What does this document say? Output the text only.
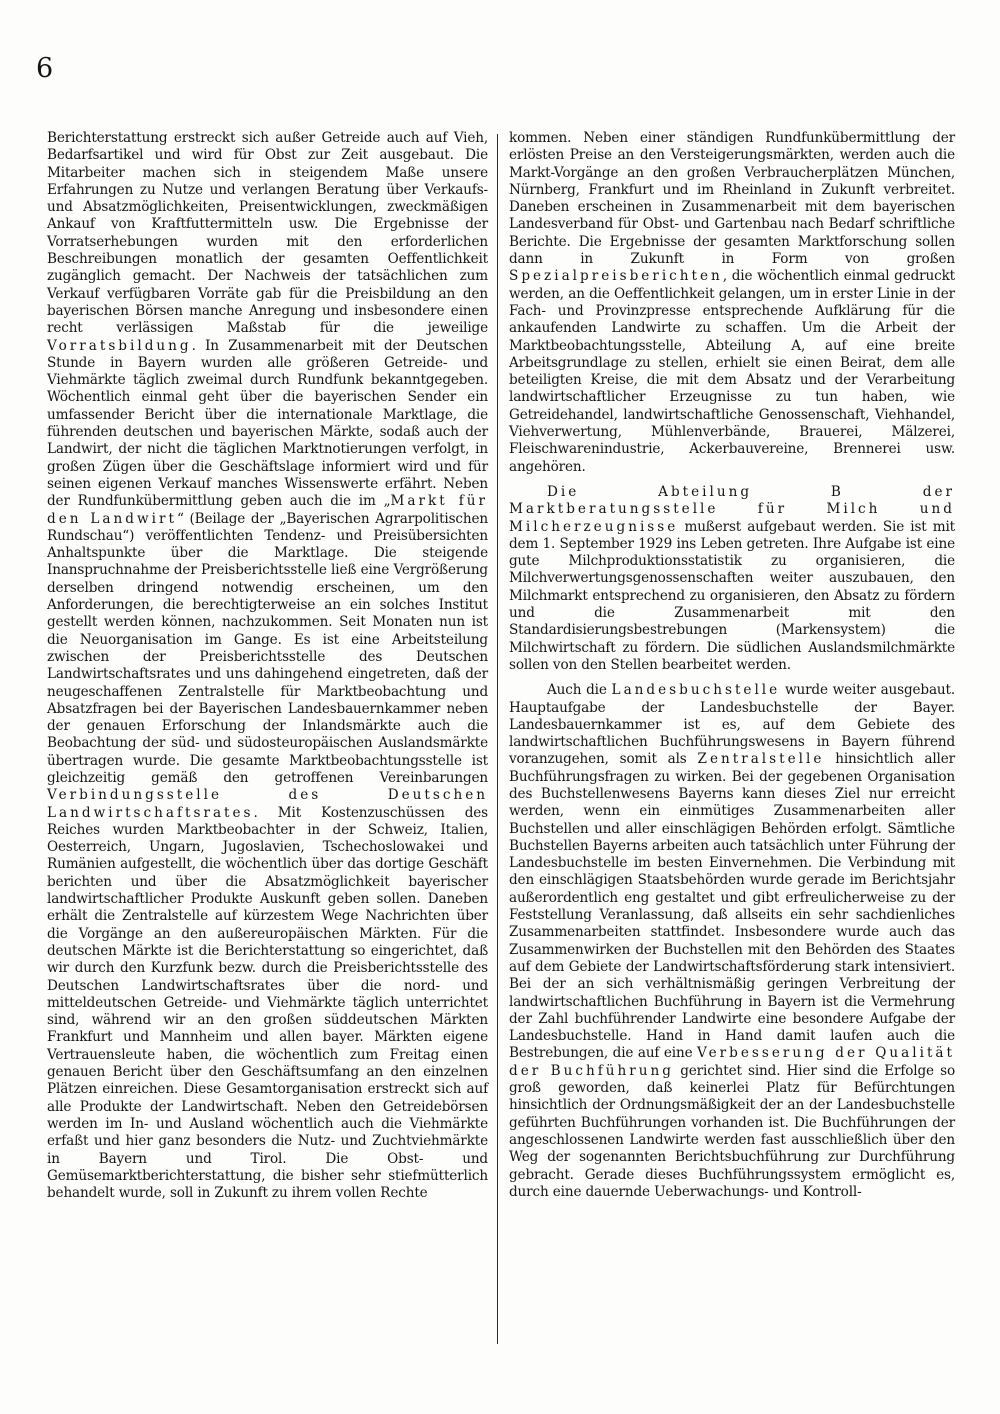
6

Berichterstattung erstreckt sich außer Getreide auch auf Vieh, Bedarfsartikel und wird für Obst zur Zeit ausgebaut. Die Mitarbeiter machen sich in steigendem Maße unsere Erfahrungen zu Nutze und verlangen Beratung über Verkaufs- und Absatzmöglichkeiten, Preisentwicklungen, zweckmäßigen Ankauf von Kraftfuttermitteln usw. Die Ergebnisse der Vorratserhebungen wurden mit den erforderlichen Beschreibungen monatlich der gesamten Oeffentlichkeit zugänglich gemacht. Der Nachweis der tatsächlichen zum Verkauf verfügbaren Vorräte gab für die Preisbildung an den bayerischen Börsen manche Anregung und insbesondere einen recht verlässigen Maßstab für die jeweilige Vorratsbildung. In Zusammenarbeit mit der Deutschen Stunde in Bayern wurden alle größeren Getreide- und Viehmärkte täglich zweimal durch Rundfunk bekanntgegeben. Wöchentlich einmal geht über die bayerischen Sender ein umfassender Bericht über die internationale Marktlage, die führenden deutschen und bayerischen Märkte, sodaß auch der Landwirt, der nicht die täglichen Marktnotierungen verfolgt, in großen Zügen über die Geschäftslage informiert wird und für seinen eigenen Verkauf manches Wissenswerte erfährt. Neben der Rundfunkübermittlung geben auch die im „Markt für den Landwirt“ (Beilage der „Bayerischen Agrarpolitischen Rundschau“) veröffentlichten Tendenz- und Preisübersichten Anhaltspunkte über die Marktlage. Die steigende Inanspruchnahme der Preisberichtsstelle ließ eine Vergrößerung derselben dringend notwendig erscheinen, um den Anforderungen, die berechtigterweise an ein solches Institut gestellt werden können, nachzukommen. Seit Monaten nun ist die Neuorganisation im Gange. Es ist eine Arbeitsteilung zwischen der Preisberichtsstelle des Deutschen Landwirtschaftsrates und uns dahingehend eingetreten, daß der neugeschaffenen Zentralstelle für Marktbeobachtung und Absatzfragen bei der Bayerischen Landesbauernkammer neben der genauen Erforschung der Inlandsmärkte auch die Beobachtung der süd- und südosteuropäischen Auslandsmärkte übertragen wurde. Die gesamte Marktbeobachtungsstelle ist gleichzeitig gemäß den getroffenen Vereinbarungen Verbindungsstelle des Deutschen Landwirtschaftsrates. Mit Kostenzuschüssen des Reiches wurden Marktbeobachter in der Schweiz, Italien, Oesterreich, Ungarn, Jugoslavien, Tschechoslowakei und Rumänien aufgestellt, die wöchentlich über das dortige Geschäft berichten und über die Absatzmöglichkeit bayerischer landwirtschaftlicher Produkte Auskunft geben sollen. Daneben erhält die Zentralstelle auf kürzestem Wege Nachrichten über die Vorgänge an den außereuropäischen Märkten. Für die deutschen Märkte ist die Berichterstattung so eingerichtet, daß wir durch den Kurzfunk bezw. durch die Preisberichtsstelle des Deutschen Landwirtschaftsrates über die nord- und mitteldeutschen Getreide- und Viehmärkte täglich unterrichtet sind, während wir an den großen süddeutschen Märkten Frankfurt und Mannheim und allen bayer. Märkten eigene Vertrauensleute haben, die wöchentlich zum Freitag einen genauen Bericht über den Geschäftsumfang an den einzelnen Plätzen einreichen. Diese Gesamtorganisation erstreckt sich auf alle Produkte der Landwirtschaft. Neben den Getreidebörsen werden im In- und Ausland wöchentlich auch die Viehmärkte erfaßt und hier ganz besonders die Nutz- und Zuchtviehmärkte in Bayern und Tirol. Die Obst- und Gemüsemarktberichterstattung, die bisher sehr stiefmütterlich behandelt wurde, soll in Zukunft zu ihrem vollen Rechte

kommen. Neben einer ständigen Rundfunkübermittlung der erlösten Preise an den Versteigerungsmärkten, werden auch die Markt-Vorgänge an den großen Verbraucherplätzen München, Nürnberg, Frankfurt und im Rheinland in Zukunft verbreitet. Daneben erscheinen in Zusammenarbeit mit dem bayerischen Landesverband für Obst- und Gartenbau nach Bedarf schriftliche Berichte. Die Ergebnisse der gesamten Marktforschung sollen dann in Zukunft in Form von großen Spezialpreisberichten, die wöchentlich einmal gedruckt werden, an die Oeffentlichkeit gelangen, um in erster Linie in der Fach- und Provinzpresse entsprechende Aufklärung für die ankaufenden Landwirte zu schaffen. Um die Arbeit der Marktbeobachtungsstelle, Abteilung A, auf eine breite Arbeitsgrundlage zu stellen, erhielt sie einen Beirat, dem alle beteiligten Kreise, die mit dem Absatz und der Verarbeitung landwirtschaftlicher Erzeugnisse zu tun haben, wie Getreidehandel, landwirtschaftliche Genossenschaft, Viehhandel, Viehverwertung, Mühlenverbände, Brauerei, Mälzerei, Fleischwarenindustrie, Ackerbauvereine, Brennerei usw. angehören.

Die Abteilung B der Marktberatungsstelle für Milch und Milcherzeugnisse mußerst aufgebaut werden. Sie ist mit dem 1. September 1929 ins Leben getreten. Ihre Aufgabe ist eine gute Milchproduktionsstatistik zu organisieren, die Milchverwertungsgenossenschaften weiter auszubauen, den Milchmarkt entsprechend zu organisieren, den Absatz zu fördern und die Zusammenarbeit mit den Standardisierungsbestrebungen (Markensystem) die Milchwirtschaft zu fördern. Die südlichen Auslandsmilchmärkte sollen von den Stellen bearbeitet werden.

Auch die Landesbuchstelle wurde weiter ausgebaut. Hauptaufgabe der Landesbuchstelle der Bayer. Landesbauernkammer ist es, auf dem Gebiete des landwirtschaftlichen Buchführungswesens in Bayern führend voranzugehen, somit als Zentralstelle hinsichtlich aller Buchführungsfragen zu wirken. Bei der gegebenen Organisation des Buchstellenwesens Bayerns kann dieses Ziel nur erreicht werden, wenn ein einmütiges Zusammenarbeiten aller Buchstellen und aller einschlägigen Behörden erfolgt. Sämtliche Buchstellen Bayerns arbeiten auch tatsächlich unter Führung der Landesbuchstelle im besten Einvernehmen. Die Verbindung mit den einschlägigen Staatsbehörden wurde gerade im Berichtsjahr außerordentlich eng gestaltet und gibt erfreulicherweise zu der Feststellung Veranlassung, daß allseits ein sehr sachdienliches Zusammenarbeiten stattfindet. Insbesondere wurde auch das Zusammenwirken der Buchstellen mit den Behörden des Staates auf dem Gebiete der Landwirtschaftsförderung stark intensiviert. Bei der an sich verhältnismäßig geringen Verbreitung der landwirtschaftlichen Buchführung in Bayern ist die Vermehrung der Zahl buchführender Landwirte eine besondere Aufgabe der Landesbuchstelle. Hand in Hand damit laufen auch die Bestrebungen, die auf eine Verbesserung der Qualität der Buchführung gerichtet sind. Hier sind die Erfolge so groß geworden, daß keinerlei Platz für Befürchtungen hinsichtlich der Ordnungsmäßigkeit der an der Landesbuchstelle geführten Buchführungen vorhanden ist. Die Buchführungen der angeschlossenen Landwirte werden fast ausschließlich über den Weg der sogenannten Berichtsbuchführung zur Durchführung gebracht. Gerade dieses Buchführungssystem ermöglicht es, durch eine dauernde Ueberwachungs- und Kontroll-
